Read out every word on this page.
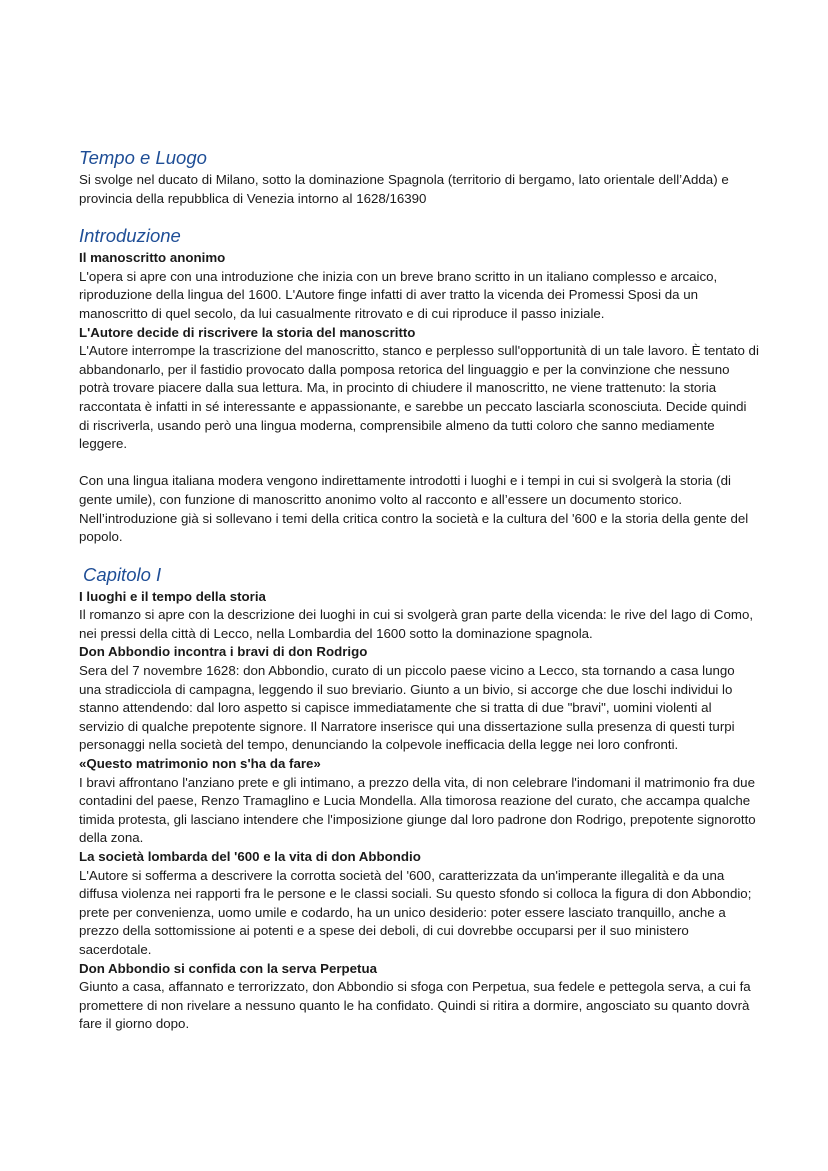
Tempo e Luogo

Si svolge nel ducato di Milano, sotto la dominazione Spagnola (territorio di bergamo, lato orientale dell’Adda) e provincia della repubblica di Venezia intorno al 1628/16390

Introduzione
Il manoscritto anonimo

L'opera si apre con una introduzione che inizia con un breve brano scritto in un italiano complesso e arcaico, riproduzione della lingua del 1600. L'Autore finge infatti di aver tratto la vicenda dei Promessi Sposi da un manoscritto di quel secolo, da lui casualmente ritrovato e di cui riproduce il passo iniziale.

L'Autore decide di riscrivere la storia del manoscritto

L'Autore interrompe la trascrizione del manoscritto, stanco e perplesso sull'opportunità di un tale lavoro. È tentato di abbandonarlo, per il fastidio provocato dalla pomposa retorica del linguaggio e per la convinzione che nessuno potrà trovare piacere dalla sua lettura. Ma, in procinto di chiudere il manoscritto, ne viene trattenuto: la storia raccontata è infatti in sé interessante e appassionante, e sarebbe un peccato lasciarla sconosciuta. Decide quindi di riscriverla, usando però una lingua moderna, comprensibile almeno da tutti coloro che sanno mediamente leggere.

Con una lingua italiana modera vengono indirettamente introdotti i luoghi e i tempi in cui si svolgerà la storia (di gente umile), con funzione di manoscritto anonimo volto al racconto e all’essere un documento storico.

Nell’introduzione già si sollevano i temi della critica contro la società e la cultura del '600 e la storia della gente del popolo.

Capitolo I
I luoghi e il tempo della storia

Il romanzo si apre con la descrizione dei luoghi in cui si svolgerà gran parte della vicenda: le rive del lago di Como, nei pressi della città di Lecco, nella Lombardia del 1600 sotto la dominazione spagnola.

Don Abbondio incontra i bravi di don Rodrigo

Sera del 7 novembre 1628: don Abbondio, curato di un piccolo paese vicino a Lecco, sta tornando a casa lungo una stradicciola di campagna, leggendo il suo breviario. Giunto a un bivio, si accorge che due loschi individui lo stanno attendendo: dal loro aspetto si capisce immediatamente che si tratta di due "bravi", uomini violenti al servizio di qualche prepotente signore. Il Narratore inserisce qui una dissertazione sulla presenza di questi turpi personaggi nella società del tempo, denunciando la colpevole inefficacia della legge nei loro confronti.

«Questo matrimonio non s'ha da fare»

I bravi affrontano l'anziano prete e gli intimano, a prezzo della vita, di non celebrare l'indomani il matrimonio fra due contadini del paese, Renzo Tramaglino e Lucia Mondella. Alla timorosa reazione del curato, che accampa qualche timida protesta, gli lasciano intendere che l'imposizione giunge dal loro padrone don Rodrigo, prepotente signorotto della zona.

La società lombarda del '600 e la vita di don Abbondio

L'Autore si sofferma a descrivere la corrotta società del '600, caratterizzata da un'imperante illegalità e da una diffusa violenza nei rapporti fra le persone e le classi sociali. Su questo sfondo si colloca la figura di don Abbondio; prete per convenienza, uomo umile e codardo, ha un unico desiderio: poter essere lasciato tranquillo, anche a prezzo della sottomissione ai potenti e a spese dei deboli, di cui dovrebbe occuparsi per il suo ministero sacerdotale.

Don Abbondio si confida con la serva Perpetua

Giunto a casa, affannato e terrorizzato, don Abbondio si sfoga con Perpetua, sua fedele e pettegola serva, a cui fa promettere di non rivelare a nessuno quanto le ha confidato. Quindi si ritira a dormire, angosciato su quanto dovrà fare il giorno dopo.
